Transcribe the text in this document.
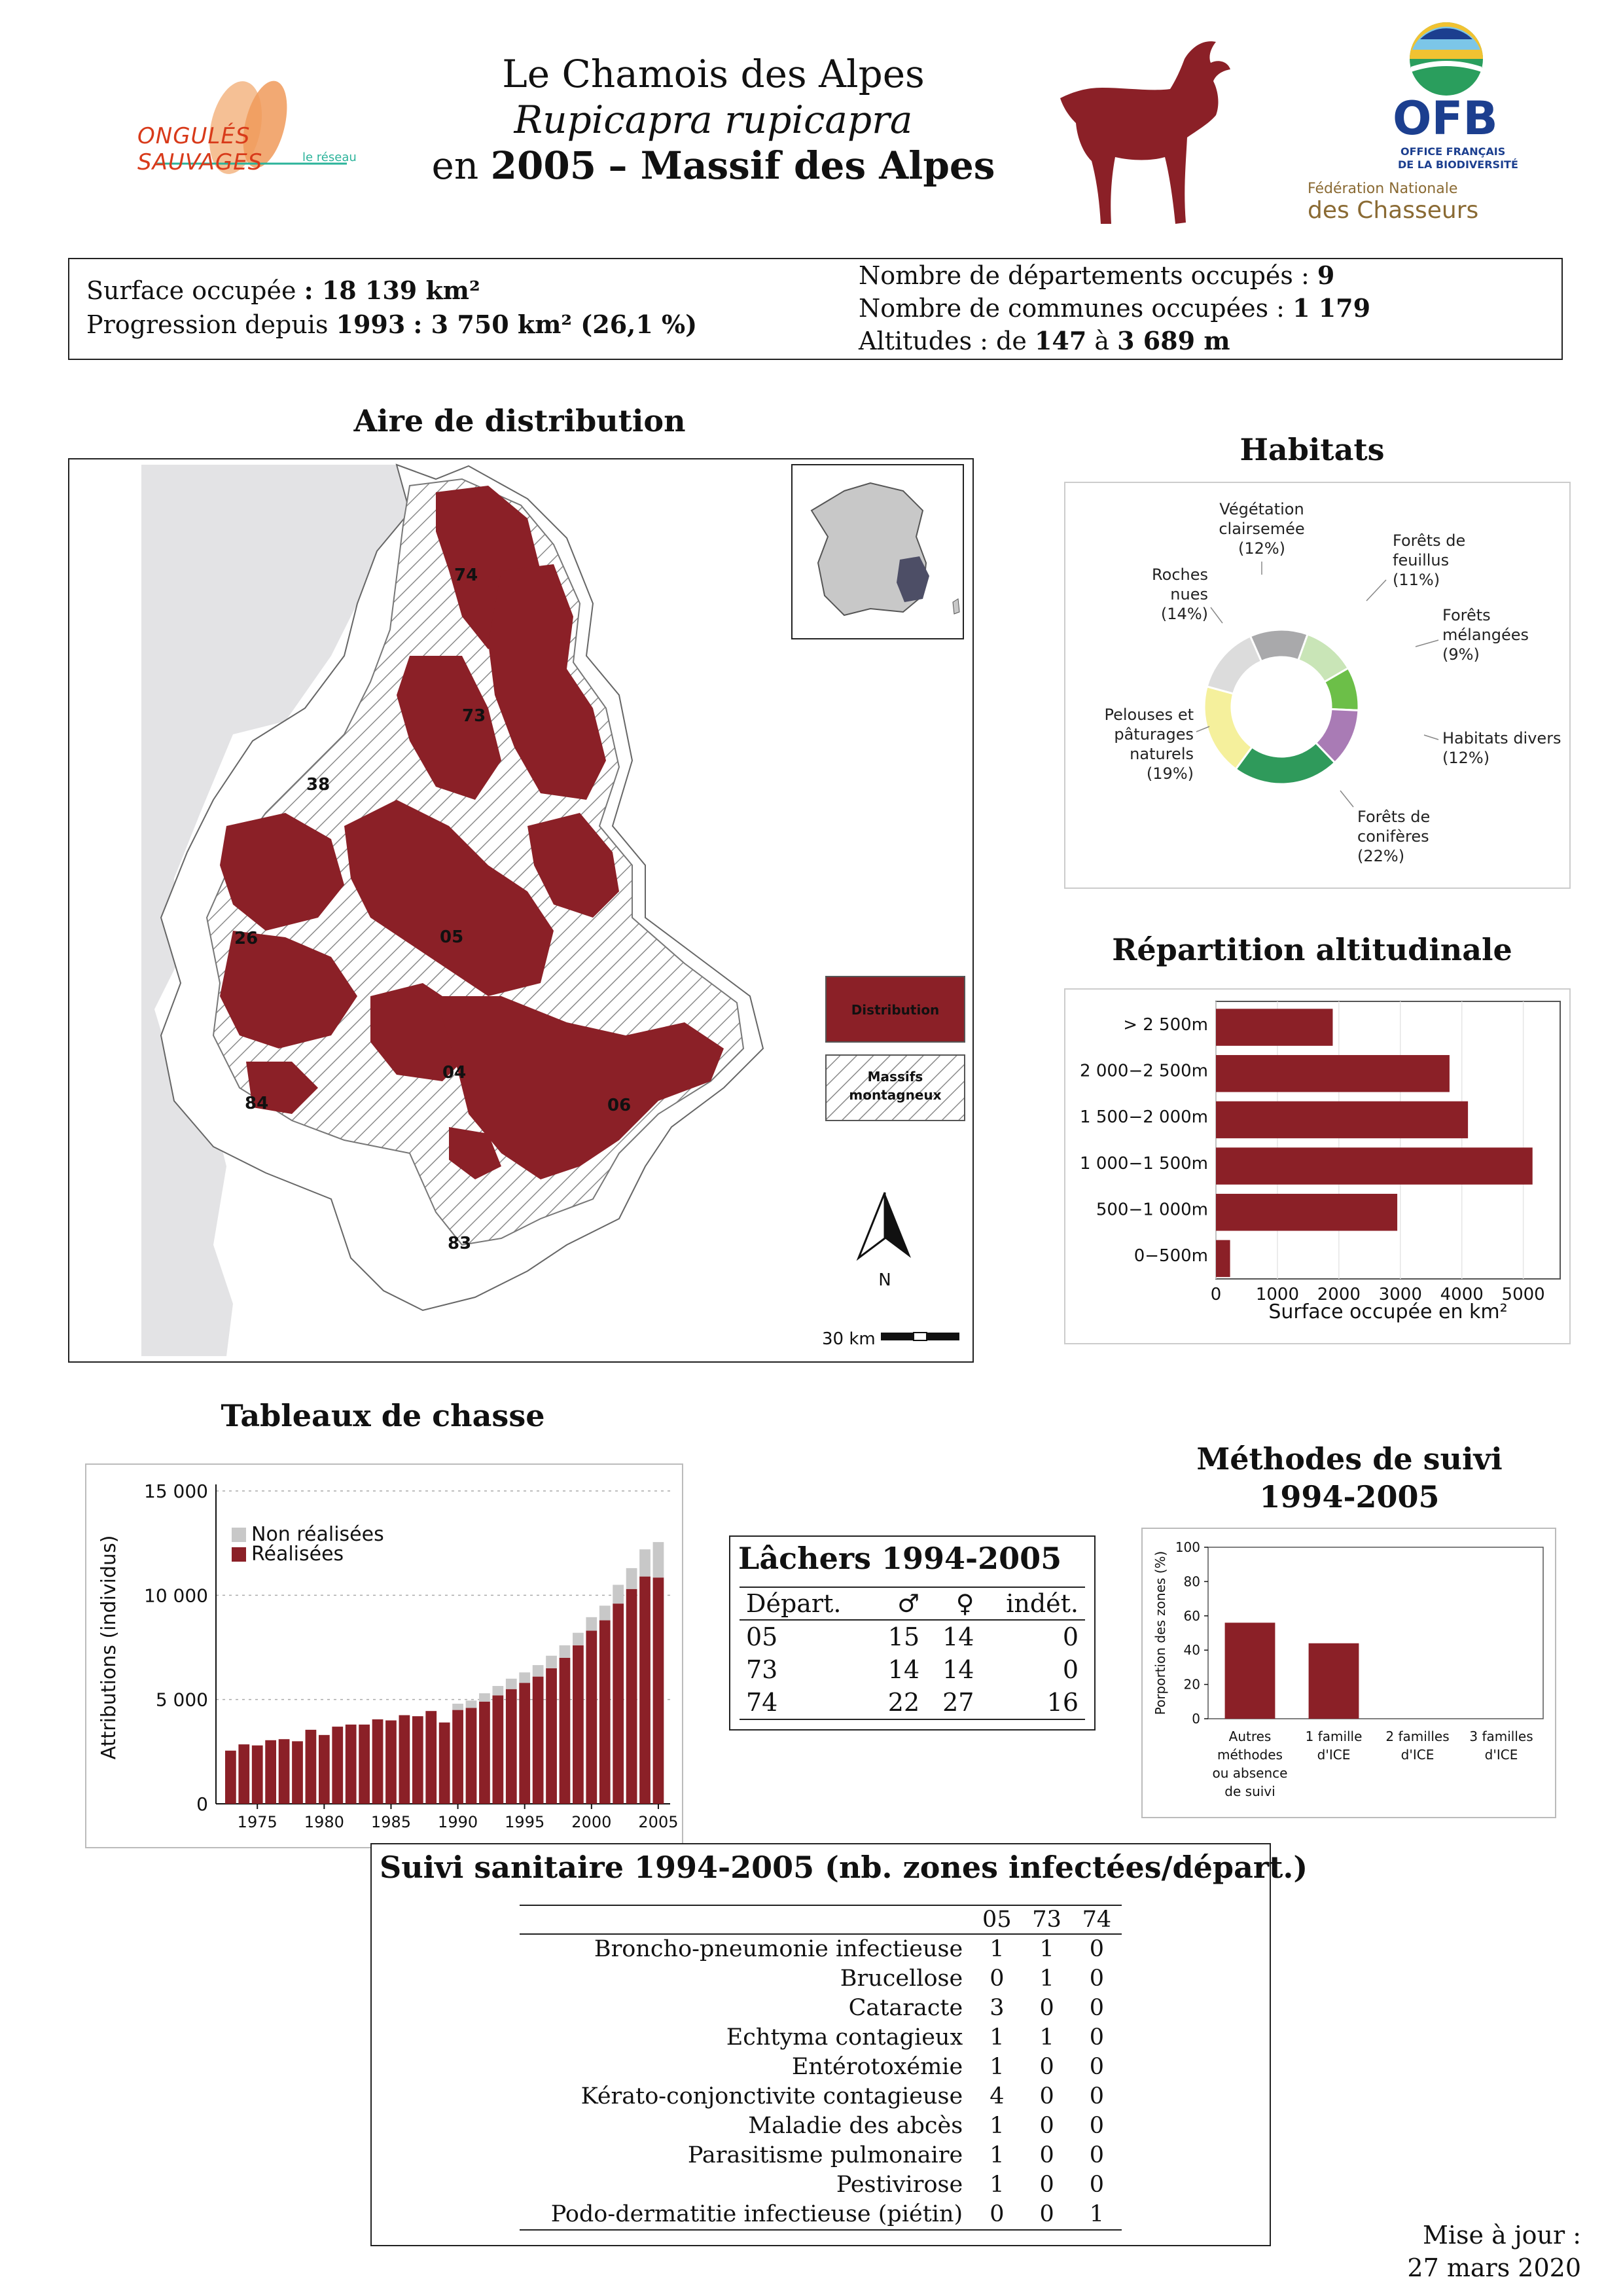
ONGULÉS SAUVAGES	le réseau
Le Chamois des Alpes
Rupicapra rupicapra
en 2005 – Massif des Alpes
OFB
OFFICE FRANÇAIS
DE LA BIODIVERSITÉ
Fédération Nationale
des Chasseurs
Surface occupée : 18 139 km²
Progression depuis 1993 : 3 750 km² (26,1 %)
Nombre de départements occupés : 9
Nombre de communes occupées : 1 179
Altitudes : de 147 à 3 689 m
Aire de distribution
74
73
38
26	05
04
06
84
83
Distribution
Massifs
montagneux
N
30 km
Habitats
Végétation
clairsemée
(12%)	Forêts de
feuillus
(11%)
Forêts
mélangées
(9%)
Habitats divers
(12%)
Forêts de
conifères
(22%)
Pelouses et
pâturages
naturels
(19%)
Roches
nues
(14%)
Répartition altitudinale
0 1000 2000 3000 4000 5000
> 2 500m
2 000−2 500m
1 500−2 000m
1 000−1 500m
500−1 000m
0−500m
Surface occupée en km²
Tableaux de chasse
0
5 000
10 000
15 000
1975 1980 1985 1990 1995 2000 2005
Attributions (individus)
Non réalisées
Réalisées	Lâchers 1994-2005
Départ.	♂	♀	indét.
05	15	14	0
73	14	14	0
74	22	27	16
Méthodes de suivi
1994-2005
0
20
40
60
80
100
Autres
méthodes
ou absence
de suivi
1 famille
d'ICE
2 familles
d'ICE
3 familles
d'ICE
Porportion des zones (%)
Suivi sanitaire 1994-2005 (nb. zones infectées/départ.)
	05	73	74
Broncho-pneumonie infectieuse	1	1	0
Brucellose	0	1	0
Cataracte	3	0	0
Echtyma contagieux	1	1	0
Entérotoxémie	1	0	0
Kérato-conjonctivite contagieuse	4	0	0
Maladie des abcès	1	0	0
Parasitisme pulmonaire	1	0	0
Pestivirose	1	0	0
Podo-dermatitie infectieuse (piétin)	0	0	1
Mise à jour :
27 mars 2020
